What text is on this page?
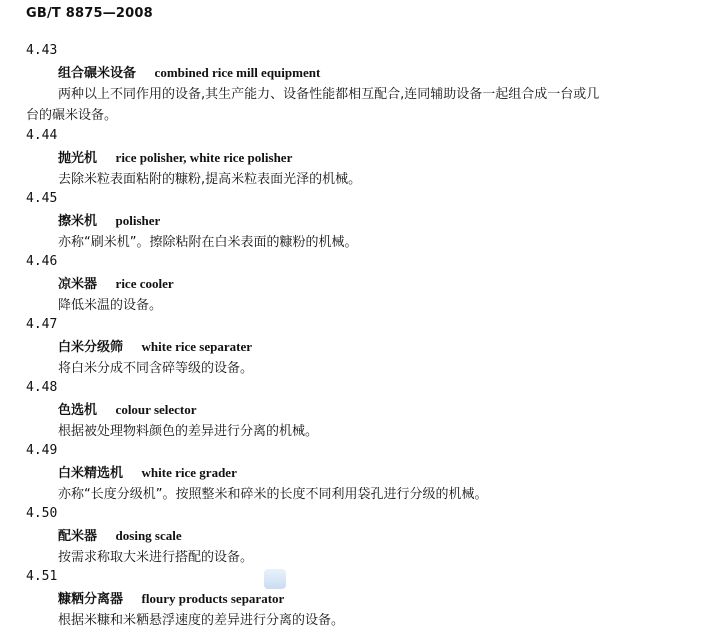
GB/T 8875—2008
4.43
组合碾米设备 combined rice mill equipment
两种以上不同作用的设备,其生产能力、设备性能都相互配合,连同辅助设备一起组合成一台或几
台的碾米设备。
4.44
抛光机 rice polisher, white rice polisher
去除米粒表面粘附的糠粉,提高米粒表面光泽的机械。
4.45
擦米机 polisher
亦称“刷米机”。擦除粘附在白米表面的糠粉的机械。
4.46
凉米器 rice cooler
降低米温的设备。
4.47
白米分级筛 white rice separater
将白米分成不同含碎等级的设备。
4.48
色选机 colour selector
根据被处理物料颜色的差异进行分离的机械。
4.49
白米精选机 white rice grader
亦称“长度分级机”。按照整米和碎米的长度不同利用袋孔进行分级的机械。
4.50
配米器 dosing scale
按需求称取大米进行搭配的设备。
4.51
糠粞分离器 floury products separator
根据米糠和米粞悬浮速度的差异进行分离的设备。
